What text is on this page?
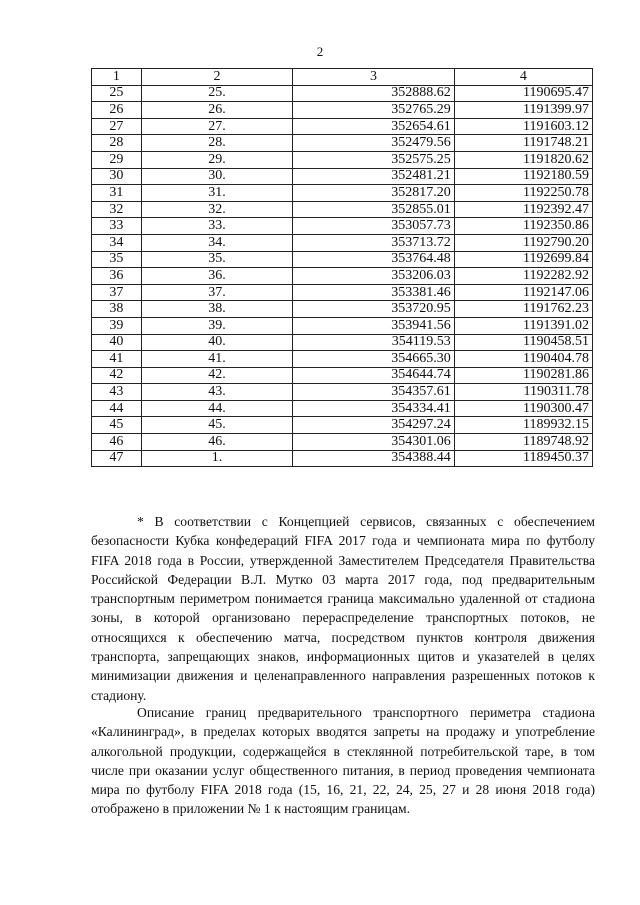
2
1	2	3	4
25	25.	352888.62	1190695.47
26	26.	352765.29	1191399.97
27	27.	352654.61	1191603.12
28	28.	352479.56	1191748.21
29	29.	352575.25	1191820.62
30	30.	352481.21	1192180.59
31	31.	352817.20	1192250.78
32	32.	352855.01	1192392.47
33	33.	353057.73	1192350.86
34	34.	353713.72	1192790.20
35	35.	353764.48	1192699.84
36	36.	353206.03	1192282.92
37	37.	353381.46	1192147.06
38	38.	353720.95	1191762.23
39	39.	353941.56	1191391.02
40	40.	354119.53	1190458.51
41	41.	354665.30	1190404.78
42	42.	354644.74	1190281.86
43	43.	354357.61	1190311.78
44	44.	354334.41	1190300.47
45	45.	354297.24	1189932.15
46	46.	354301.06	1189748.92
47	1.	354388.44	1189450.37

* В соответствии с Концепцией сервисов, связанных с обеспечением безопасности Кубка конфедераций FIFA 2017 года и чемпионата мира по футболу FIFA 2018 года в России, утвержденной Заместителем Председателя Правительства Российской Федерации В.Л. Мутко 03 марта 2017 года, под предварительным транспортным периметром понимается граница максимально удаленной от стадиона зоны, в которой организовано перераспределение транспортных потоков, не относящихся к обеспечению матча, посредством пунктов контроля движения транспорта, запрещающих знаков, информационных щитов и указателей в целях минимизации движения и целенаправленного направления разрешенных потоков к стадиону.

Описание границ предварительного транспортного периметра стадиона «Калининград», в пределах которых вводятся запреты на продажу и употребление алкогольной продукции, содержащейся в стеклянной потребительской таре, в том числе при оказании услуг общественного питания, в период проведения чемпионата мира по футболу FIFA 2018 года (15, 16, 21, 22, 24, 25, 27 и 28 июня 2018 года) отображено в приложении № 1 к настоящим границам.
